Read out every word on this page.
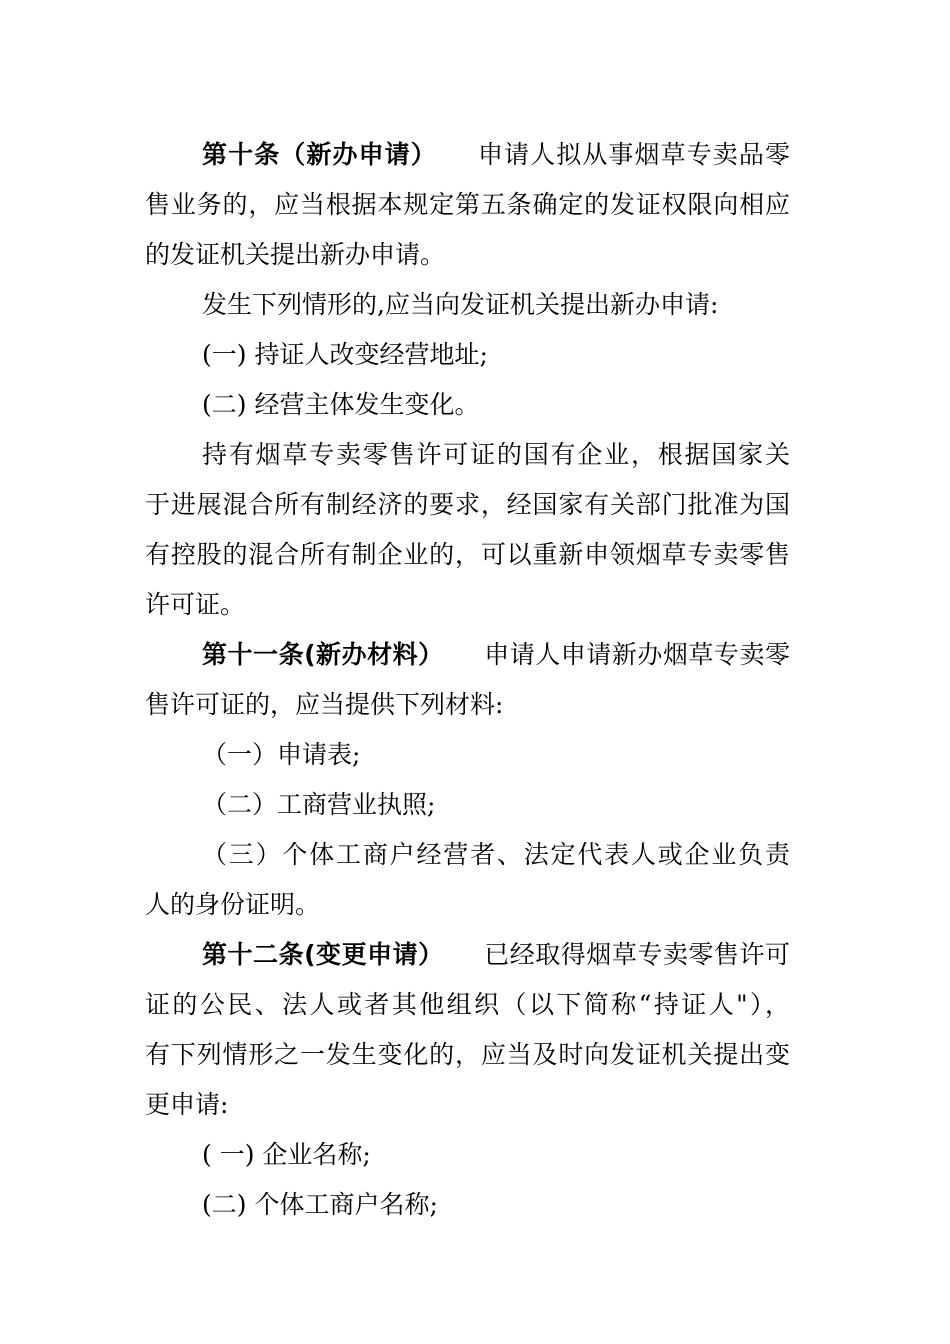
第十条（新办申请） 申请人拟从事烟草专卖品零
售业务的，应当根据本规定第五条确定的发证权限向相应
的发证机关提出新办申请。
发生下列情形的,应当向发证机关提出新办申请:
(一) 持证人改变经营地址;
(二) 经营主体发生变化。
持有烟草专卖零售许可证的国有企业，根据国家关
于进展混合所有制经济的要求，经国家有关部门批准为国
有控股的混合所有制企业的，可以重新申领烟草专卖零售
许可证。
第十一条(新办材料） 申请人申请新办烟草专卖零
售许可证的，应当提供下列材料:
（一）申请表;
（二）工商营业执照;
（三）个体工商户经营者、法定代表人或企业负责
人的身份证明。
第十二条(变更申请） 已经取得烟草专卖零售许可
证的公民、法人或者其他组织（以下简称“持证人"），
有下列情形之一发生变化的，应当及时向发证机关提出变
更申请:
( 一) 企业名称;
(二) 个体工商户名称;
